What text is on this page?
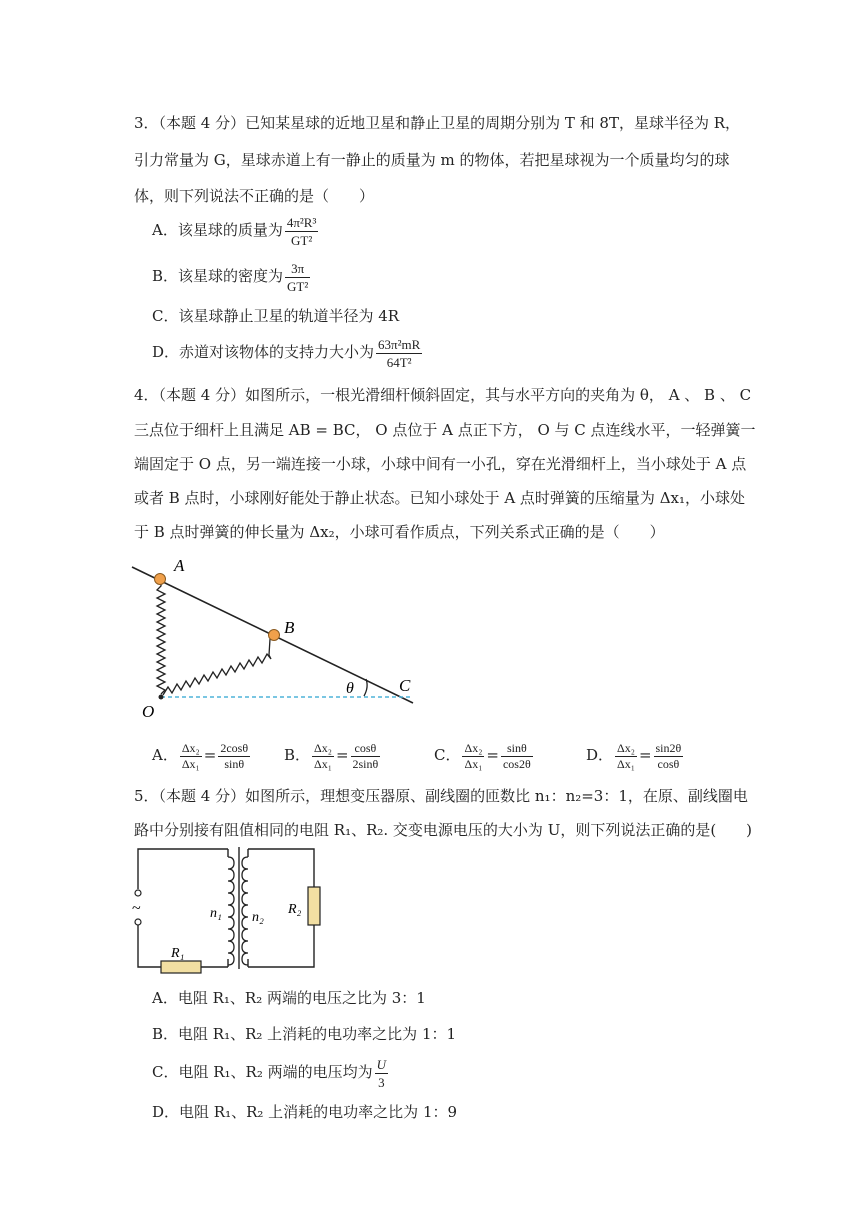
3．（本题 4 分）已知某星球的近地卫星和静止卫星的周期分别为 T 和 8T，星球半径为 R，
引力常量为 G，星球赤道上有一静止的质量为 m 的物体，若把星球视为一个质量均匀的球
体，则下列说法不正确的是（　　）
A．该星球的质量为 $\frac{\text{4π²R³}}{\text{GT²}}$
B．该星球的密度为 $\frac{3\pi}{\text{GT²}}$
C．该星球静止卫星的轨道半径为 4R
D．赤道对该物体的支持力大小为 $\frac{\text{63π²mR}}{\text{64T²}}$
4．（本题 4 分）如图所示，一根光滑细杆倾斜固定，其与水平方向的夹角为 θ， A 、 B 、 C
三点位于细杆上且满足 AB = BC， O 点位于 A 点正下方， O 与 C 点连线水平，一轻弹簧一
端固定于 O 点，另一端连接一小球，小球中间有一小孔，穿在光滑细杆上，当小球处于 A 点
或者 B 点时，小球刚好能处于静止状态。已知小球处于 A 点时弹簧的压缩量为 Δx₁，小球处
于 B 点时弹簧的伸长量为 Δx₂，小球可看作质点，下列关系式正确的是（　　）
A
B
C
O
θ
A． $\frac{\text{Δx₂}}{\text{Δx₁}} = \frac{2\cos\theta}{\sin\theta}$ B． $\frac{\text{Δx₂}}{\text{Δx₁}} = \frac{\cos\theta}{2\sin\theta}$	C． $\frac{\text{Δx₂}}{\text{Δx₁}} = \frac{\sin\theta}{\cos 2\theta}$	D． $\frac{\text{Δx₂}}{\text{Δx₁}} = \frac{\sin 2\theta}{\cos\theta}$
5．（本题 4 分）如图所示，理想变压器原、副线圈的匝数比 n₁：n₂=3：1，在原、副线圈电
路中分别接有阻值相同的电阻 R₁、R₂. 交变电源电压的大小为 U，则下列说法正确的是(　　)
~
R₁
n₁ n₂
R₂
A．电阻 R₁、R₂ 两端的电压之比为 3：1
B．电阻 R₁、R₂ 上消耗的电功率之比为 1：1
C．电阻 R₁、R₂ 两端的电压均为 $\frac{U}{3}$
D．电阻 R₁、R₂ 上消耗的电功率之比为 1：9
